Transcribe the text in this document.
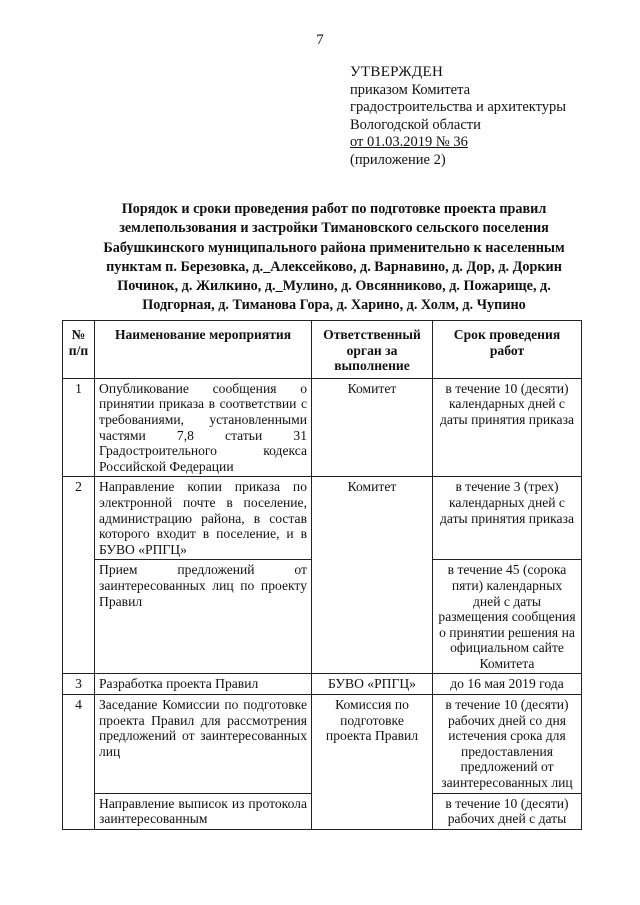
7
УТВЕРЖДЕН
приказом Комитета
градостроительства и архитектуры
Вологодской области
от 01.03.2019 № 36
(приложение 2)
Порядок и сроки проведения работ по подготовке проекта правил
землепользования и застройки Тимановского сельского поселения
Бабушкинского муниципального района применительно к населенным
пунктам п. Березовка, д._Алексейково, д. Варнавино, д. Дор, д. Доркин
Починок, д. Жилкино, д._Мулино, д. Овсянниково, д. Пожарище, д.
Подгорная, д. Тиманова Гора, д. Харино, д. Холм, д. Чупино
№ п/п	Наименование мероприятия	Ответственный орган за выполнение	Срок проведения работ
1	Опубликование сообщения о принятии приказа в соответствии с требованиями, установленными частями 7,8 статьи 31 Градостроительного кодекса Российской Федерации	Комитет	в течение 10 (десяти) календарных дней с даты принятия приказа
2	Направление копии приказа по электронной почте в поселение, администрацию района, в состав которого входит в поселение, и в БУВО «РПГЦ»	Комитет	в течение 3 (трех) календарных дней с даты принятия приказа
	Прием предложений от заинтересованных лиц по проекту Правил		в течение 45 (сорока пяти) календарных дней с даты размещения сообщения о принятии решения на официальном сайте Комитета
3	Разработка проекта Правил	БУВО «РПГЦ»	до 16 мая 2019 года
4	Заседание Комиссии по подготовке проекта Правил для рассмотрения предложений от заинтересованных лиц	Комиссия по подготовке проекта Правил	в течение 10 (десяти) рабочих дней со дня истечения срока для предоставления предложений от заинтересованных лиц
	Направление выписок из протокола заинтересованным		в течение 10 (десяти) рабочих дней с даты
